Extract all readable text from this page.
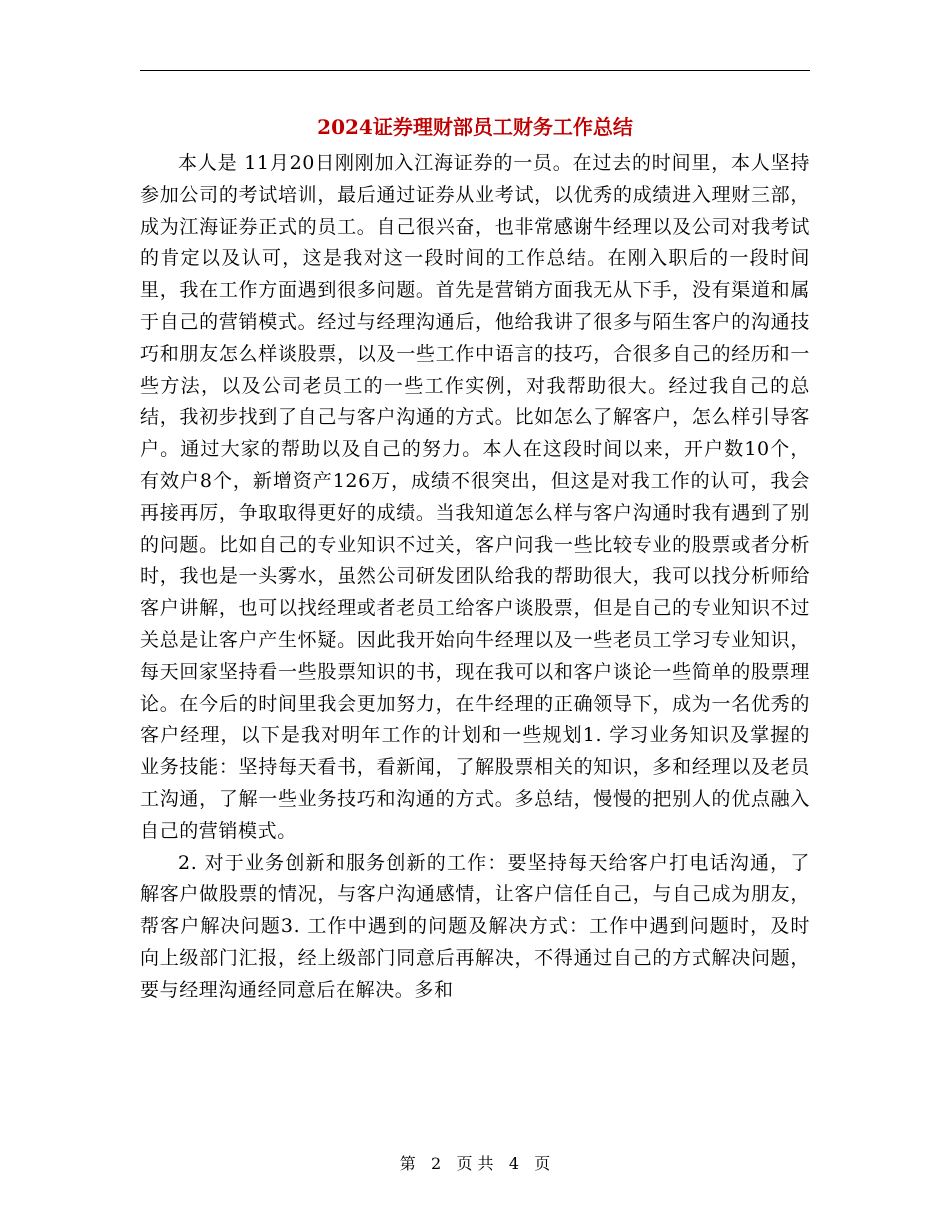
2024证券理财部员工财务工作总结

本人是 11月20日刚刚加入江海证券的一员。在过去的时间里，本人坚持参加公司的考试培训，最后通过证券从业考试，以优秀的成绩进入理财三部，成为江海证券正式的员工。自己很兴奋，也非常感谢牛经理以及公司对我考试的肯定以及认可，这是我对这一段时间的工作总结。在刚入职后的一段时间里，我在工作方面遇到很多问题。首先是营销方面我无从下手，没有渠道和属于自己的营销模式。经过与经理沟通后，他给我讲了很多与陌生客户的沟通技巧和朋友怎么样谈股票，以及一些工作中语言的技巧，合很多自己的经历和一些方法，以及公司老员工的一些工作实例，对我帮助很大。经过我自己的总结，我初步找到了自己与客户沟通的方式。比如怎么了解客户，怎么样引导客户。通过大家的帮助以及自己的努力。本人在这段时间以来，开户数10个，有效户8个，新增资产126万，成绩不很突出，但这是对我工作的认可，我会再接再厉，争取取得更好的成绩。当我知道怎么样与客户沟通时我有遇到了别的问题。比如自己的专业知识不过关，客户问我一些比较专业的股票或者分析时，我也是一头雾水，虽然公司研发团队给我的帮助很大，我可以找分析师给客户讲解，也可以找经理或者老员工给客户谈股票，但是自己的专业知识不过关总是让客户产生怀疑。因此我开始向牛经理以及一些老员工学习专业知识，每天回家坚持看一些股票知识的书，现在我可以和客户谈论一些简单的股票理论。在今后的时间里我会更加努力，在牛经理的正确领导下，成为一名优秀的客户经理，以下是我对明年工作的计划和一些规划1. 学习业务知识及掌握的业务技能：坚持每天看书，看新闻，了解股票相关的知识，多和经理以及老员工沟通，了解一些业务技巧和沟通的方式。多总结，慢慢的把别人的优点融入自己的营销模式。

2. 对于业务创新和服务创新的工作：要坚持每天给客户打电话沟通，了解客户做股票的情况，与客户沟通感情，让客户信任自己，与自己成为朋友，帮客户解决问题3. 工作中遇到的问题及解决方式：工作中遇到问题时，及时向上级部门汇报，经上级部门同意后再解决，不得通过自己的方式解决问题，要与经理沟通经同意后在解决。多和

第 2 页 共 4 页
